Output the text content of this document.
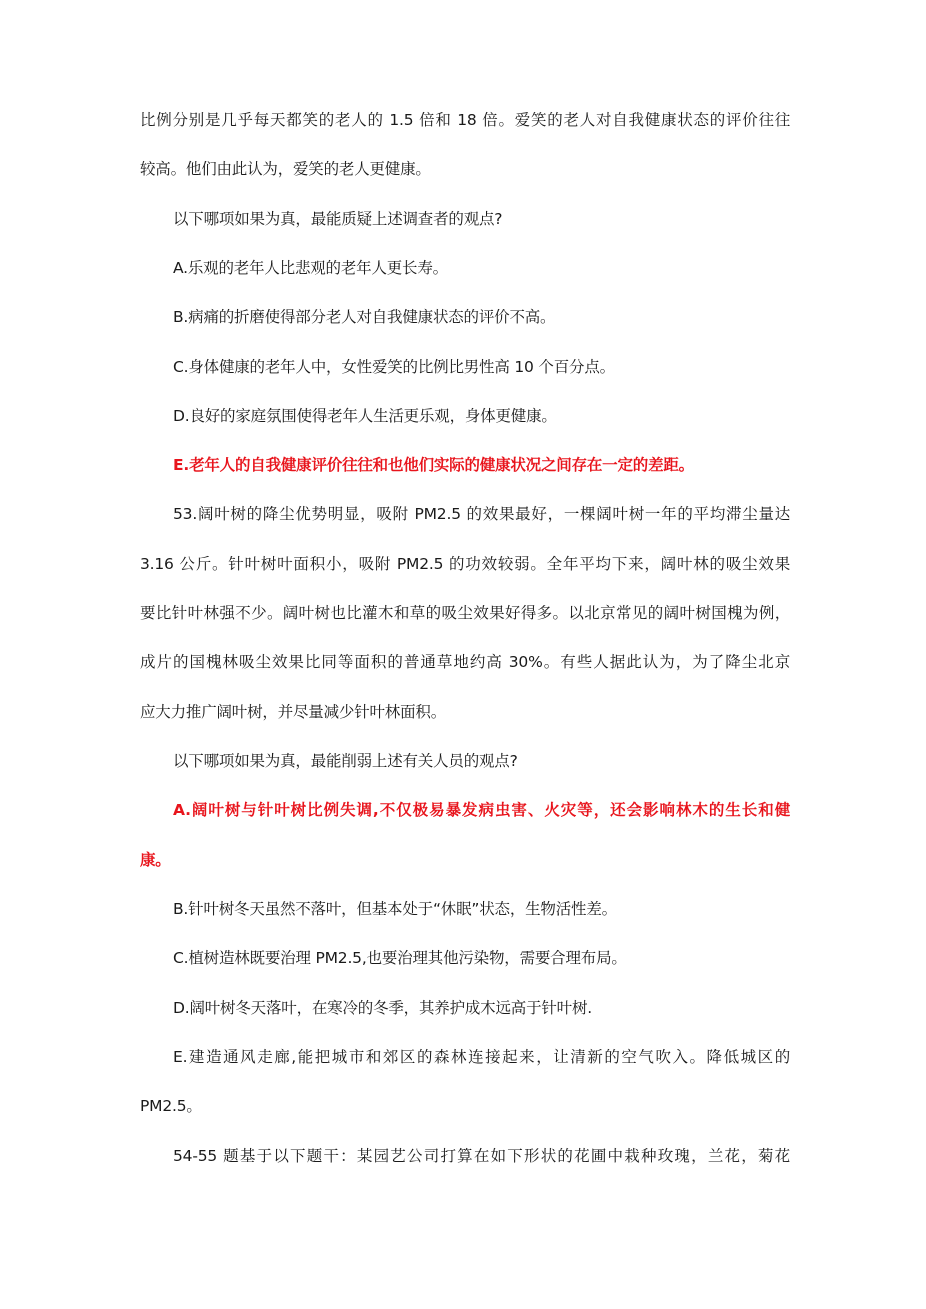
比例分别是几乎每天都笑的老人的 1.5 倍和 18 倍。爱笑的老人对自我健康状态的评价往往
较高。他们由此认为，爱笑的老人更健康。
以下哪项如果为真，最能质疑上述调查者的观点?
A.乐观的老年人比悲观的老年人更长寿。
B.病痛的折磨使得部分老人对自我健康状态的评价不高。
C.身体健康的老年人中，女性爱笑的比例比男性高 10 个百分点。
D.良好的家庭氛围使得老年人生活更乐观，身体更健康。
E.老年人的自我健康评价往往和也他们实际的健康状况之间存在一定的差距。
53.阔叶树的降尘优势明显，吸附 PM2.5 的效果最好，一棵阔叶树一年的平均滞尘量达
3.16 公斤。针叶树叶面积小，吸附 PM2.5 的功效较弱。全年平均下来，阔叶林的吸尘效果
要比针叶林强不少。阔叶树也比灌木和草的吸尘效果好得多。以北京常见的阔叶树国槐为例，
成片的国槐林吸尘效果比同等面积的普通草地约高 30%。有些人据此认为，为了降尘北京
应大力推广阔叶树，并尽量减少针叶林面积。
以下哪项如果为真，最能削弱上述有关人员的观点?
A.阔叶树与针叶树比例失调,不仅极易暴发病虫害、火灾等，还会影响林木的生长和健
康。
B.针叶树冬天虽然不落叶，但基本处于“休眠”状态，生物活性差。
C.植树造林既要治理 PM2.5,也要治理其他污染物，需要合理布局。
D.阔叶树冬天落叶，在寒冷的冬季，其养护成木远高于针叶树.
E.建造通风走廊,能把城市和郊区的森林连接起来，让清新的空气吹入。降低城区的
PM2.5。
54-55 题基于以下题干：某园艺公司打算在如下形状的花圃中栽种玫瑰，兰花，菊花
